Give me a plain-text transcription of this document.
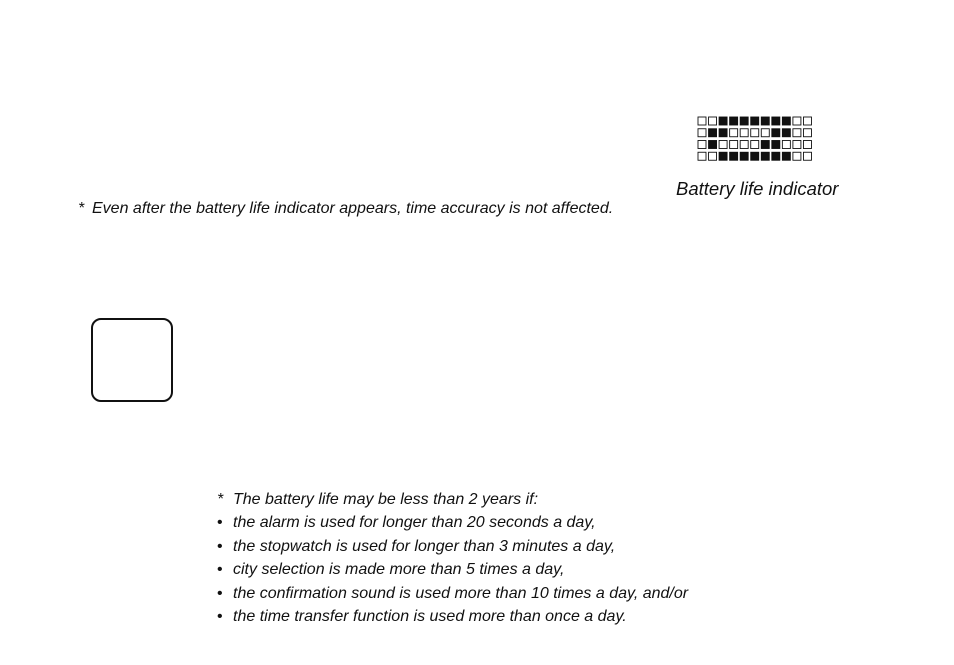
Battery life indicator
* Even after the battery life indicator appears, time accuracy is not affected.
* The battery life may be less than 2 years if:
• the alarm is used for longer than 20 seconds a day,
• the stopwatch is used for longer than 3 minutes a day,
• city selection is made more than 5 times a day,
• the confirmation sound is used more than 10 times a day, and/or
• the time transfer function is used more than once a day.
